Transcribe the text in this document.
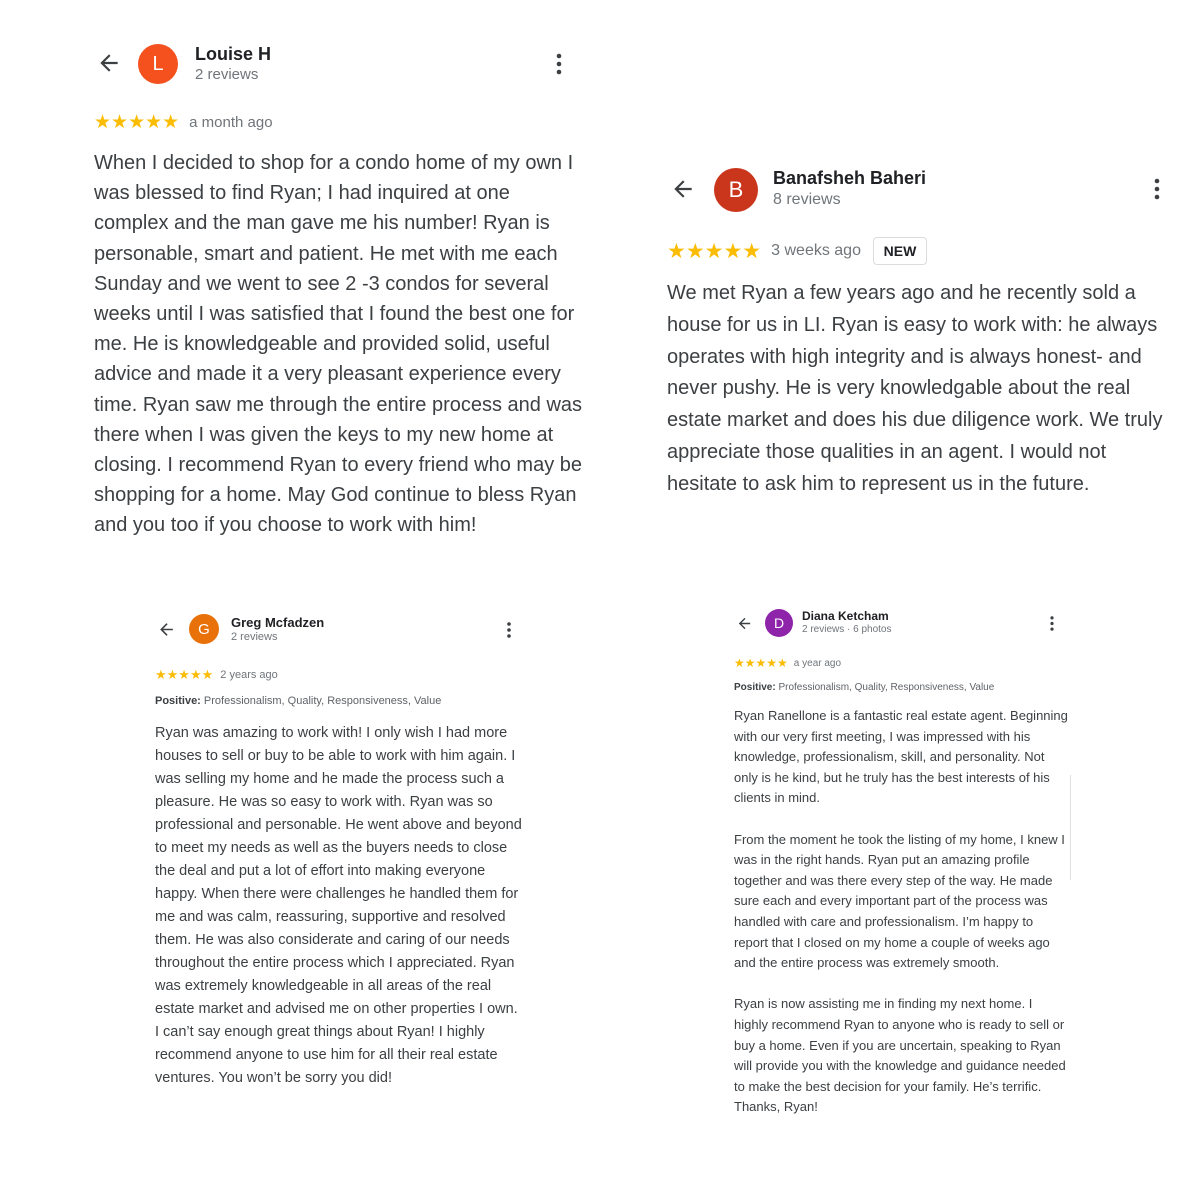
L Louise H
2 reviews
★★★★★ a month ago

When I decided to shop for a condo home of my own I was blessed to find Ryan; I had inquired at one complex and the man gave me his number! Ryan is personable, smart and patient. He met with me each Sunday and we went to see 2 -3 condos for several weeks until I was satisfied that I found the best one for me. He is knowledgeable and provided solid, useful advice and made it a very pleasant experience every time. Ryan saw me through the entire process and was there when I was given the keys to my new home at closing. I recommend Ryan to every friend who may be shopping for a home. May God continue to bless Ryan and you too if you choose to work with him!

B Banafsheh Baheri
8 reviews
★★★★★ 3 weeks ago	NEW

We met Ryan a few years ago and he recently sold a house for us in LI. Ryan is easy to work with: he always operates with high integrity and is always honest- and never pushy. He is very knowledgable about the real estate market and does his due diligence work. We truly appreciate those qualities in an agent. I would not hesitate to ask him to represent us in the future.

G Greg Mcfadzen
2 reviews
★★★★★ 2 years ago
Positive: Professionalism, Quality, Responsiveness, Value

Ryan was amazing to work with! I only wish I had more houses to sell or buy to be able to work with him again. I was selling my home and he made the process such a pleasure. He was so easy to work with. Ryan was so professional and personable. He went above and beyond to meet my needs as well as the buyers needs to close the deal and put a lot of effort into making everyone happy. When there were challenges he handled them for me and was calm, reassuring, supportive and resolved them. He was also considerate and caring of our needs throughout the entire process which I appreciated. Ryan was extremely knowledgeable in all areas of the real estate market and advised me on other properties I own.

I can’t say enough great things about Ryan! I highly recommend anyone to use him for all their real estate ventures. You won’t be sorry you did!

D Diana Ketcham
2 reviews · 6 photos
★★★★★ a year ago
Positive: Professionalism, Quality, Responsiveness, Value

Ryan Ranellone is a fantastic real estate agent. Beginning with our very first meeting, I was impressed with his knowledge, professionalism, skill, and personality. Not only is he kind, but he truly has the best interests of his clients in mind.

From the moment he took the listing of my home, I knew I was in the right hands. Ryan put an amazing profile together and was there every step of the way. He made sure each and every important part of the process was handled with care and professionalism. I’m happy to report that I closed on my home a couple of weeks ago and the entire process was extremely smooth.

Ryan is now assisting me in finding my next home. I highly recommend Ryan to anyone who is ready to sell or buy a home. Even if you are uncertain, speaking to Ryan will provide you with the knowledge and guidance needed to make the best decision for your family. He’s terrific. Thanks, Ryan!
